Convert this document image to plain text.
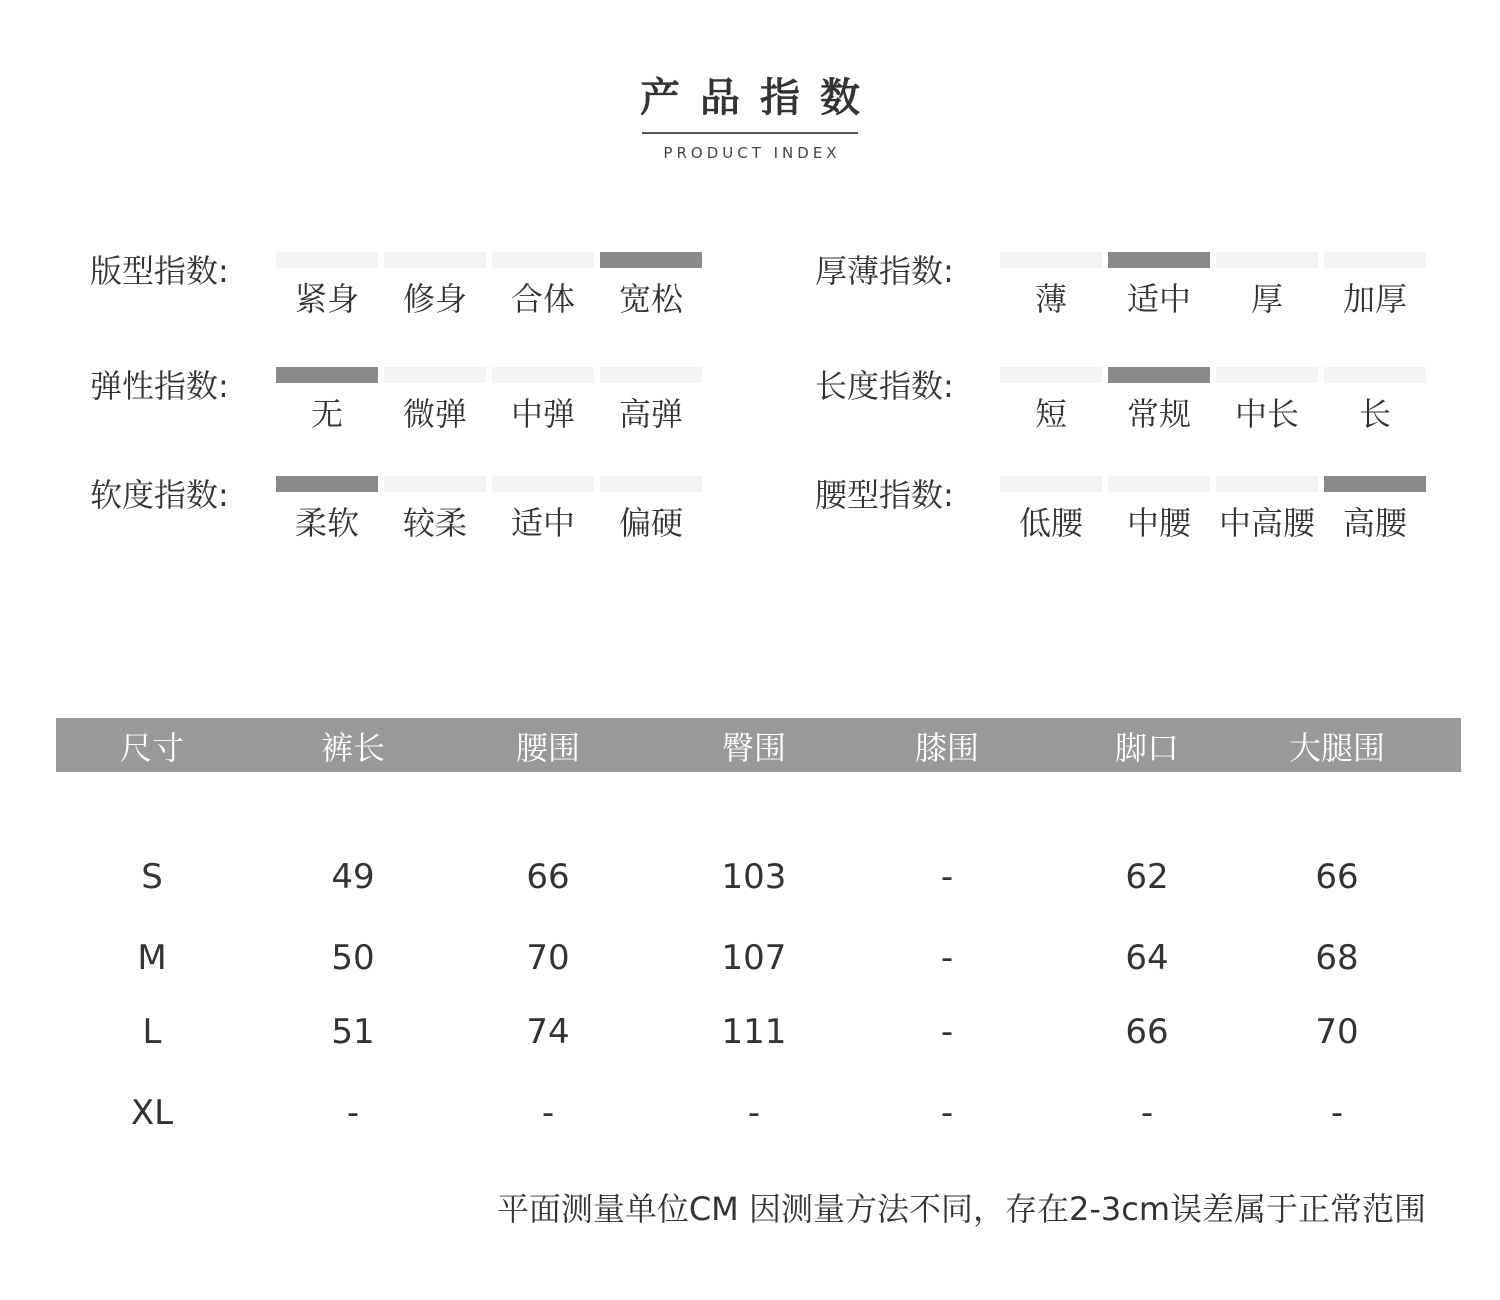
产品指数
PRODUCT INDEX
版型指数:
紧身	修身	合体	宽松
厚薄指数:
薄	适中	厚	加厚
弹性指数:
无	微弹	中弹	高弹
长度指数:
短	常规	中长	长
软度指数:
柔软	较柔	适中	偏硬
腰型指数:
低腰	中腰 中高腰 高腰
尺寸	裤长	腰围	臀围	膝围	脚口	大腿围
S	49	66	103	-	62	66
M	50	70	107	-	64	68
L	51	74	111	-	66	70
XL	-	-	-	-	-	-
平面测量单位CM 因测量方法不同，存在2-3cm误差属于正常范围
